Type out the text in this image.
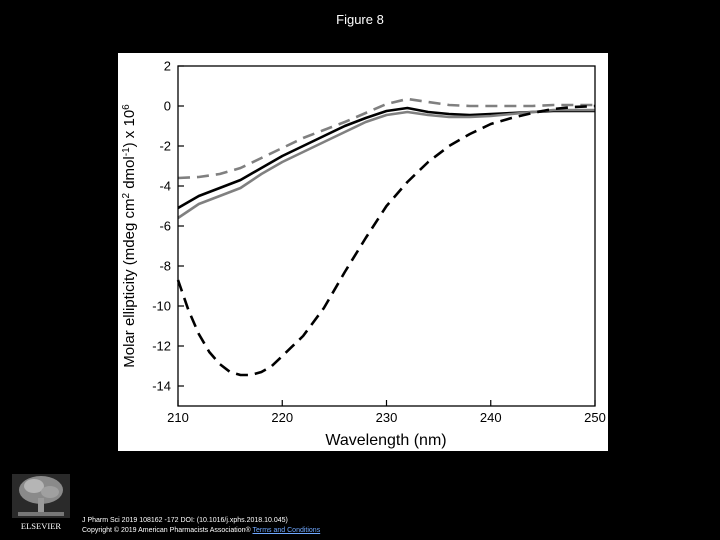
Figure 8
210	220	230	240	250
2
0
-2
-4
-6
-8
-10
-12
-14
Wavelength (nm)
Molar ellipticity (mdeg $cm^2$ dmol$^{-1}$) x $10^6$
ELSEVIER
J Pharm Sci 2019 108162 -172 DOI: (10.1016/j.xphs.2018.10.045)
Copyright © 2019 American Pharmacists Association® Terms and Conditions
